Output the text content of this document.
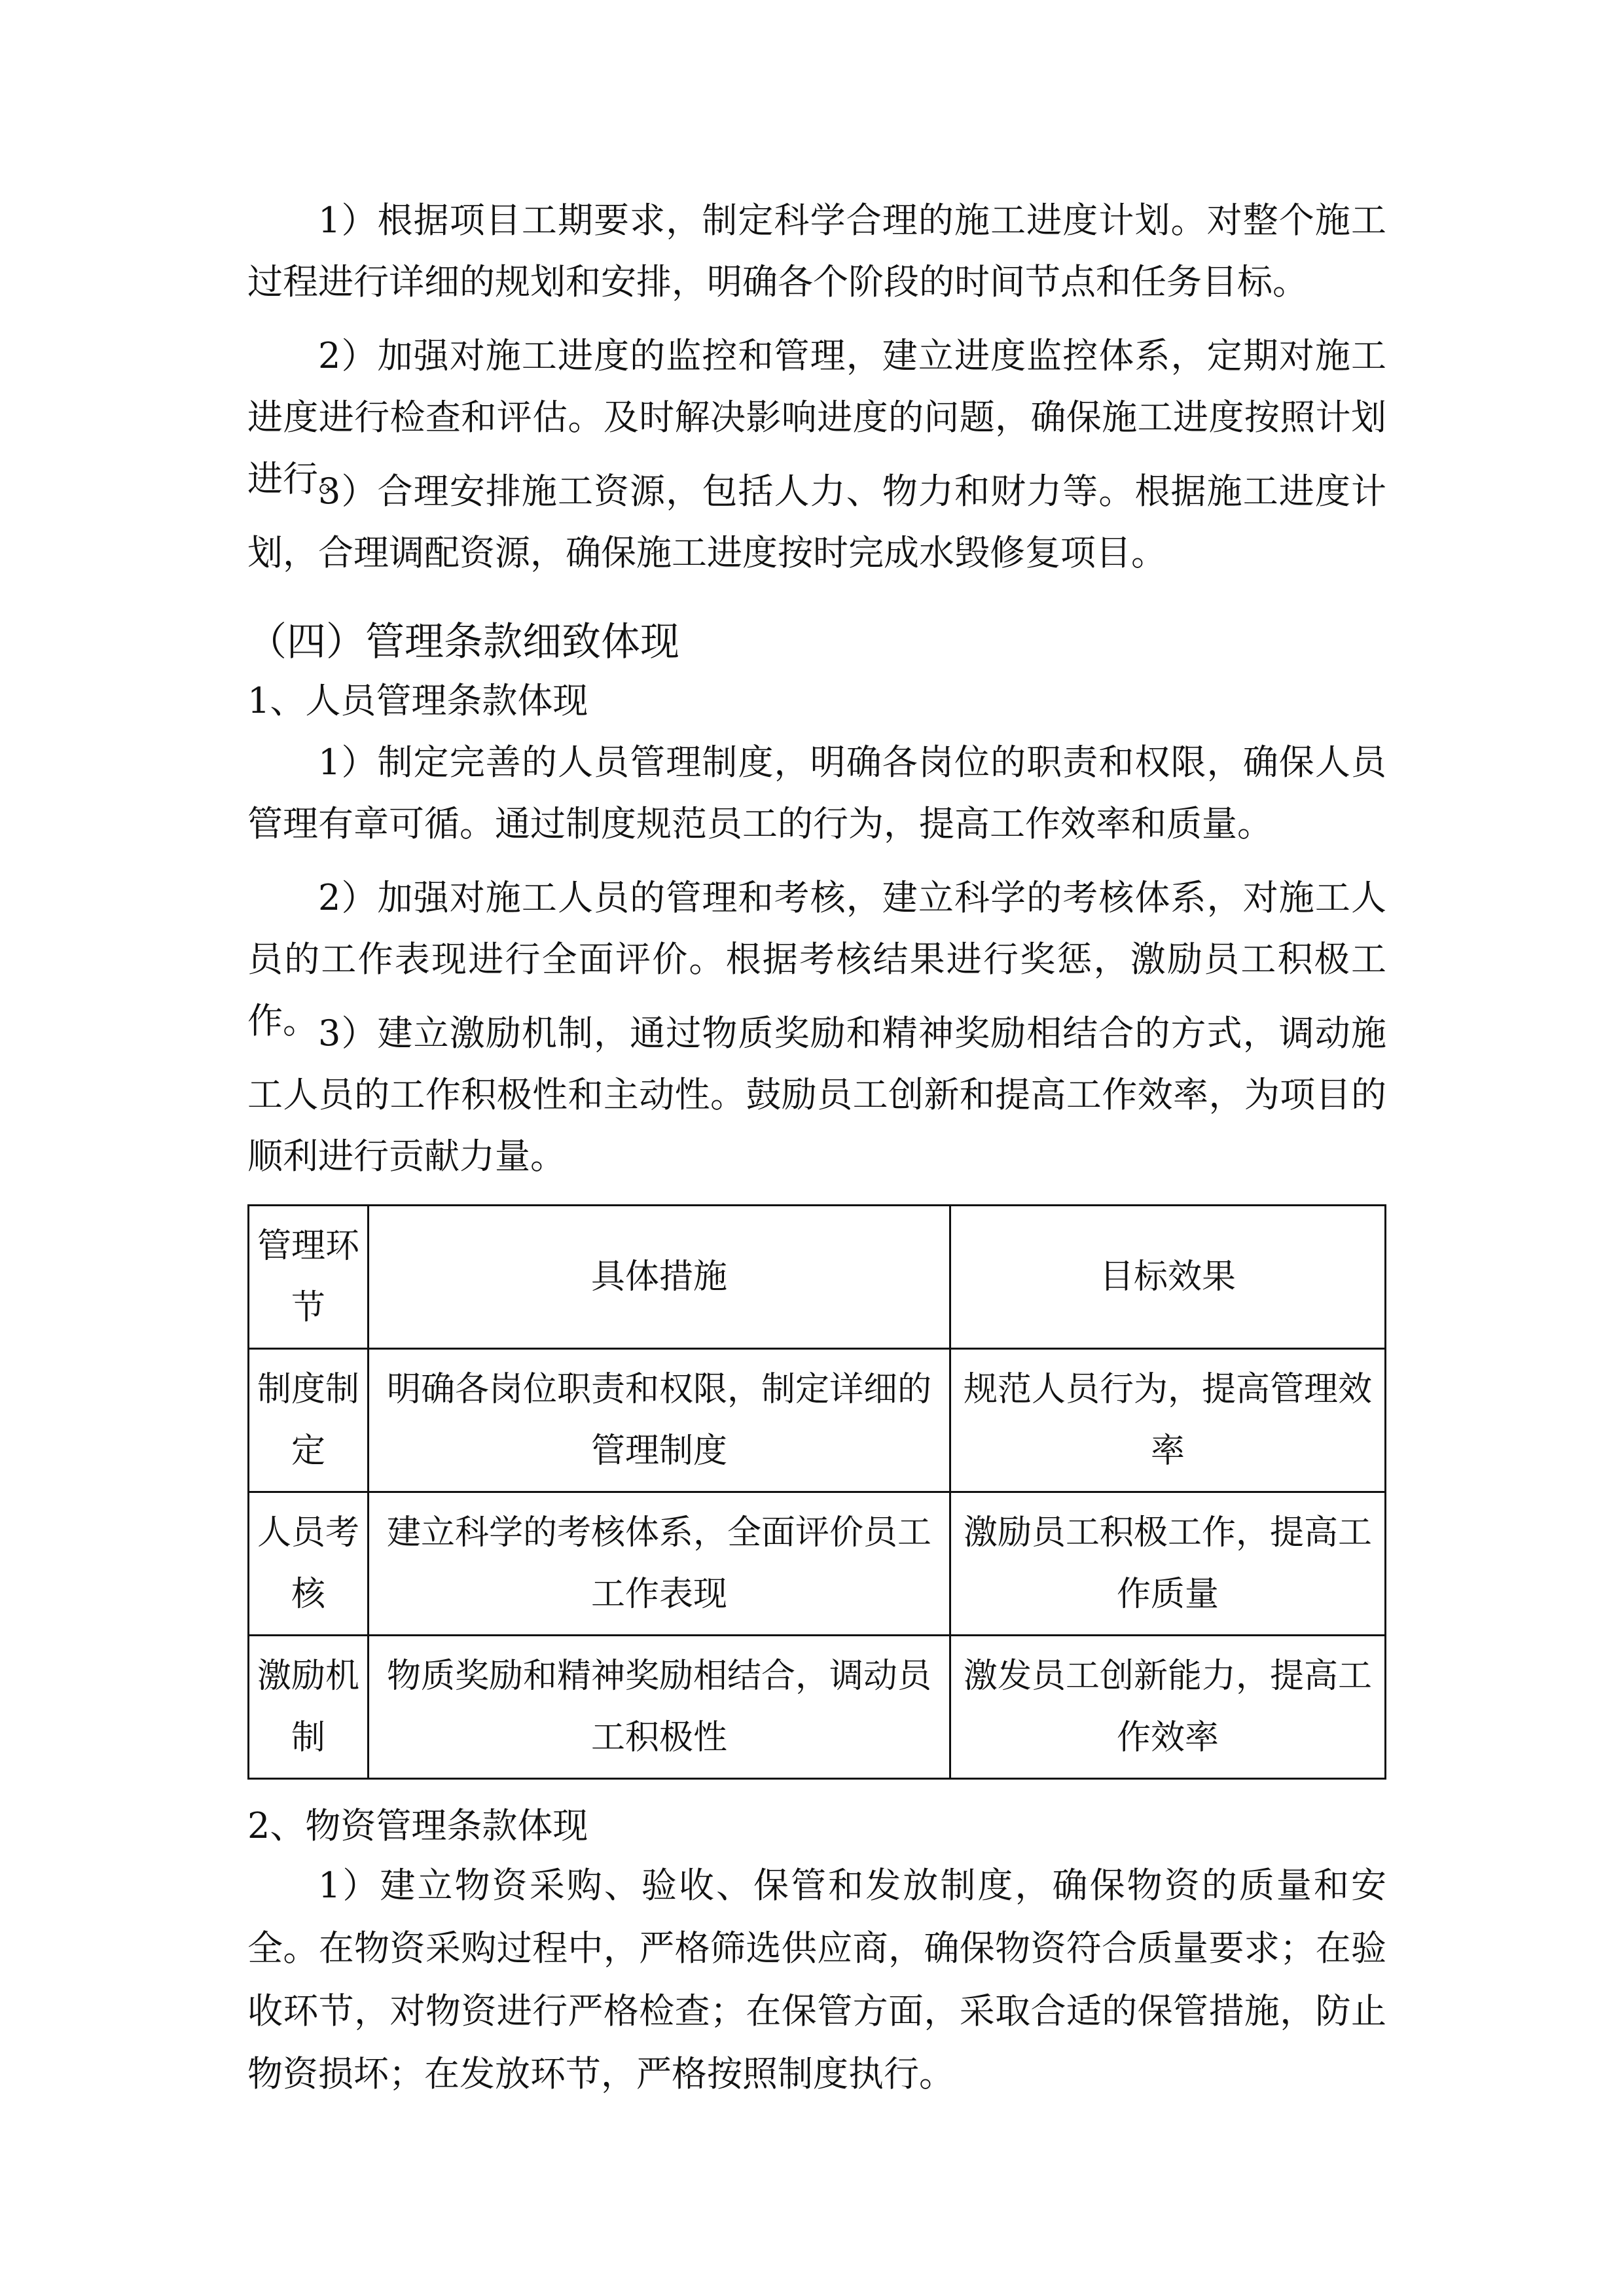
1）根据项目工期要求，制定科学合理的施工进度计划。对整个施工过程进行详细的规划和安排，明确各个阶段的时间节点和任务目标。

2）加强对施工进度的监控和管理，建立进度监控体系，定期对施工进度进行检查和评估。及时解决影响进度的问题，确保施工进度按照计划进行。

3）合理安排施工资源，包括人力、物力和财力等。根据施工进度计划，合理调配资源，确保施工进度按时完成水毁修复项目。

（四）管理条款细致体现

1、人员管理条款体现

1）制定完善的人员管理制度，明确各岗位的职责和权限，确保人员管理有章可循。通过制度规范员工的行为，提高工作效率和质量。

2）加强对施工人员的管理和考核，建立科学的考核体系，对施工人员的工作表现进行全面评价。根据考核结果进行奖惩，激励员工积极工作。 3）建立激励机制，通过物质奖励和精神奖励相结合的方式，调动施工人员的工作积极性和主动性。鼓励员工创新和提高工作效率，为项目的顺利进行贡献力量。

管理环节	具体措施	目标效果
制度制定	明确各岗位职责和权限，制定详细的管理制度	规范人员行为，提高管理效率
人员考核	建立科学的考核体系，全面评价员工工作表现	激励员工积极工作，提高工作质量
激励机制	物质奖励和精神奖励相结合，调动员工积极性	激发员工创新能力，提高工作效率

2、物资管理条款体现

1）建立物资采购、验收、保管和发放制度，确保物资的质量和安全。在物资采购过程中，严格筛选供应商，确保物资符合质量要求；在验收环节，对物资进行严格检查；在保管方面，采取合适的保管措施，防止物资损坏；在发放环节，严格按照制度执行。
